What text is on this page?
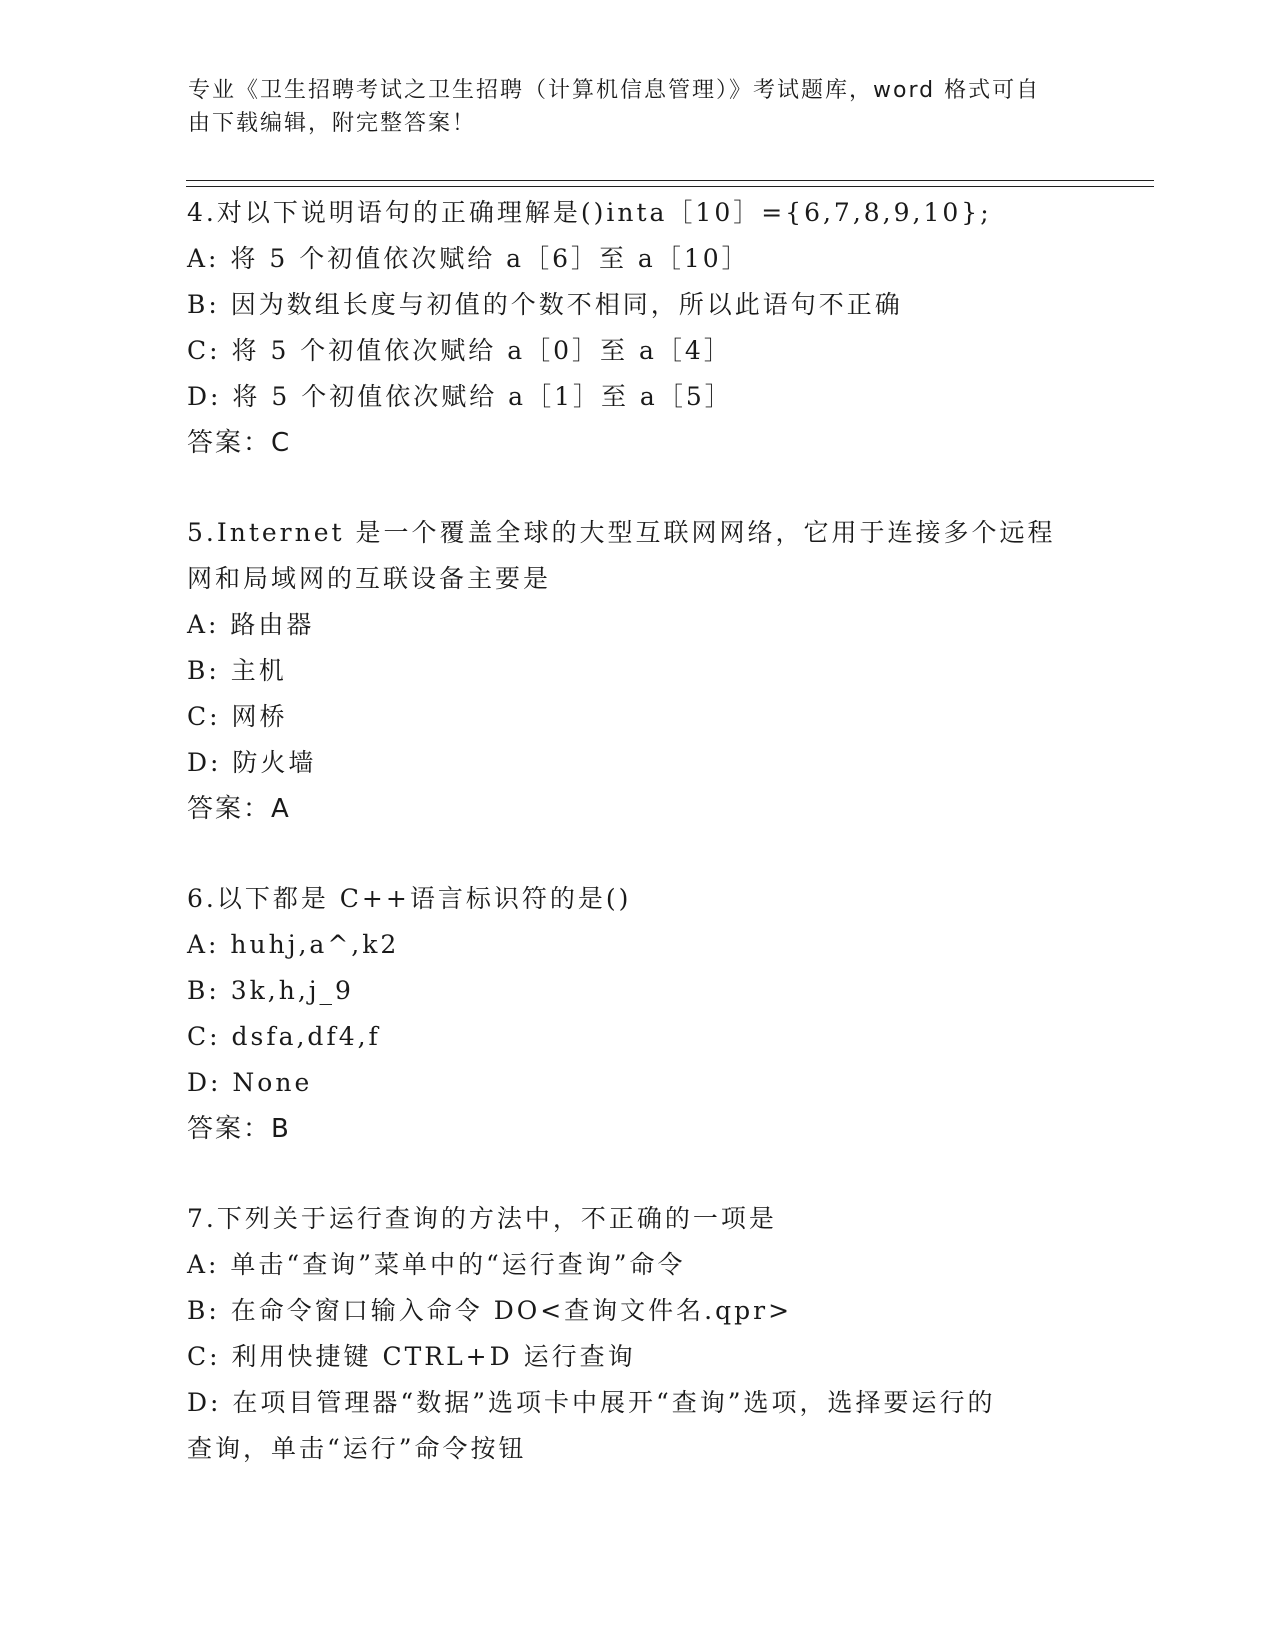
专业《卫生招聘考试之卫生招聘（计算机信息管理）》考试题库，word 格式可自
由下载编辑，附完整答案！
4.对以下说明语句的正确理解是()inta［10］={6,7,8,9,10};
A: 将 5 个初值依次赋给 a［6］至 a［10］
B: 因为数组长度与初值的个数不相同，所以此语句不正确
C: 将 5 个初值依次赋给 a［0］至 a［4］
D: 将 5 个初值依次赋给 a［1］至 a［5］
答案：C
5.Internet 是一个覆盖全球的大型互联网网络，它用于连接多个远程
网和局域网的互联设备主要是
A: 路由器
B: 主机
C: 网桥
D: 防火墙
答案：A
6.以下都是 C++语言标识符的是()
A: huhj,a^,k2
B: 3k,h,j_9
C: dsfa,df4,f
D: None
答案：B
7.下列关于运行查询的方法中，不正确的一项是
A: 单击“查询”菜单中的“运行查询”命令
B: 在命令窗口输入命令 DO<查询文件名.qpr>
C: 利用快捷键 CTRL+D 运行查询
D: 在项目管理器“数据”选项卡中展开“查询”选项，选择要运行的
查询，单击“运行”命令按钮
